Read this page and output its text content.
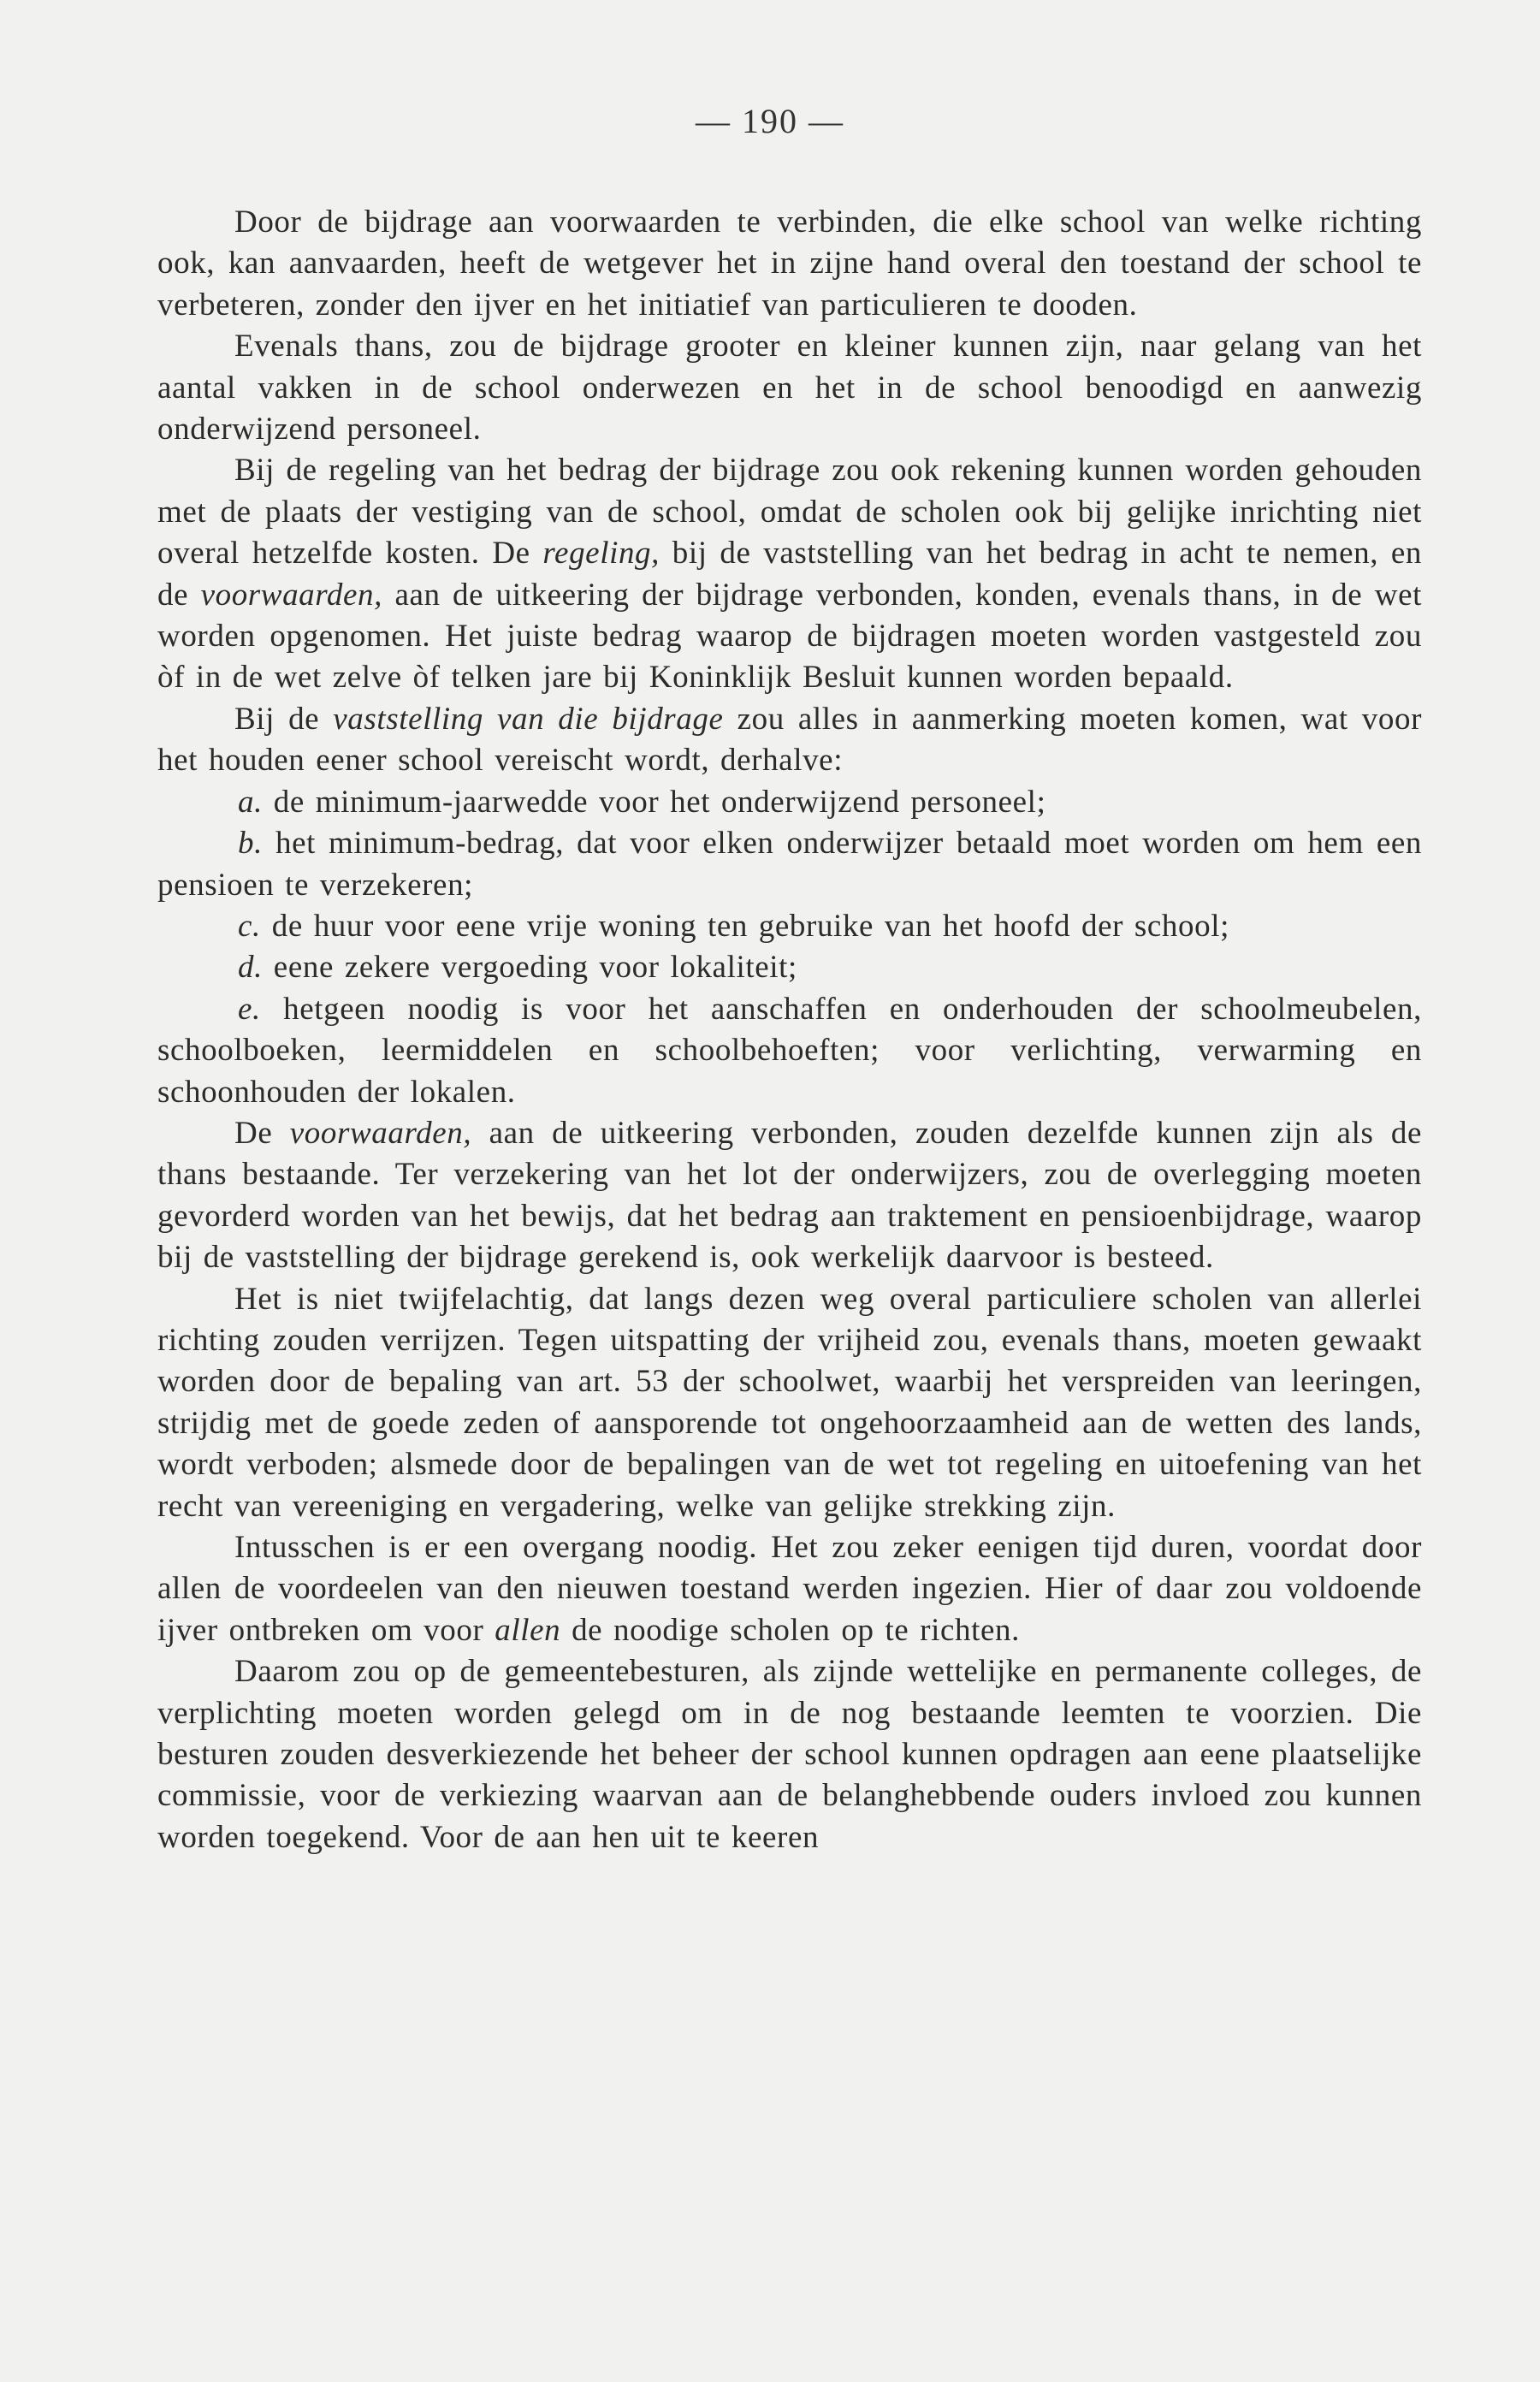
— 190 —

Door de bijdrage aan voorwaarden te verbinden, die elke school van welke richting ook, kan aanvaarden, heeft de wetgever het in zijne hand overal den toestand der school te verbeteren, zonder den ijver en het initiatief van particulieren te dooden.

Evenals thans, zou de bijdrage grooter en kleiner kunnen zijn, naar gelang van het aantal vakken in de school onderwezen en het in de school benoodigd en aanwezig onderwijzend personeel.

Bij de regeling van het bedrag der bijdrage zou ook rekening kunnen worden gehouden met de plaats der vestiging van de school, omdat de scholen ook bij gelijke inrichting niet overal hetzelfde kosten. De regeling, bij de vaststelling van het bedrag in acht te nemen, en de voorwaarden, aan de uitkeering der bijdrage verbonden, konden, evenals thans, in de wet worden opgenomen. Het juiste bedrag waarop de bijdragen moeten worden vastgesteld zou òf in de wet zelve òf telken jare bij Koninklijk Besluit kunnen worden bepaald.

Bij de vaststelling van die bijdrage zou alles in aanmerking moeten komen, wat voor het houden eener school vereischt wordt, derhalve:

a. de minimum-jaarwedde voor het onderwijzend personeel;

b. het minimum-bedrag, dat voor elken onderwijzer betaald moet worden om hem een pensioen te verzekeren;

c. de huur voor eene vrije woning ten gebruike van het hoofd der school;

d. eene zekere vergoeding voor lokaliteit;

e. hetgeen noodig is voor het aanschaffen en onderhouden der schoolmeubelen, schoolboeken, leermiddelen en schoolbehoeften; voor verlichting, verwarming en schoonhouden der lokalen.

De voorwaarden, aan de uitkeering verbonden, zouden dezelfde kunnen zijn als de thans bestaande. Ter verzekering van het lot der onderwijzers, zou de overlegging moeten gevorderd worden van het bewijs, dat het bedrag aan traktement en pensioenbijdrage, waarop bij de vaststelling der bijdrage gerekend is, ook werkelijk daarvoor is besteed.

Het is niet twijfelachtig, dat langs dezen weg overal particuliere scholen van allerlei richting zouden verrijzen. Tegen uitspatting der vrijheid zou, evenals thans, moeten gewaakt worden door de bepaling van art. 53 der schoolwet, waarbij het verspreiden van leeringen, strijdig met de goede zeden of aansporende tot ongehoorzaamheid aan de wetten des lands, wordt verboden; alsmede door de bepalingen van de wet tot regeling en uitoefening van het recht van vereeniging en vergadering, welke van gelijke strekking zijn.

Intusschen is er een overgang noodig. Het zou zeker eenigen tijd duren, voordat door allen de voordeelen van den nieuwen toestand werden ingezien. Hier of daar zou voldoende ijver ontbreken om voor allen de noodige scholen op te richten.

Daarom zou op de gemeentebesturen, als zijnde wettelijke en permanente colleges, de verplichting moeten worden gelegd om in de nog bestaande leemten te voorzien. Die besturen zouden desverkiezende het beheer der school kunnen opdragen aan eene plaatselijke commissie, voor de verkiezing waarvan aan de belanghebbende ouders invloed zou kunnen worden toegekend. Voor de aan hen uit te keeren
